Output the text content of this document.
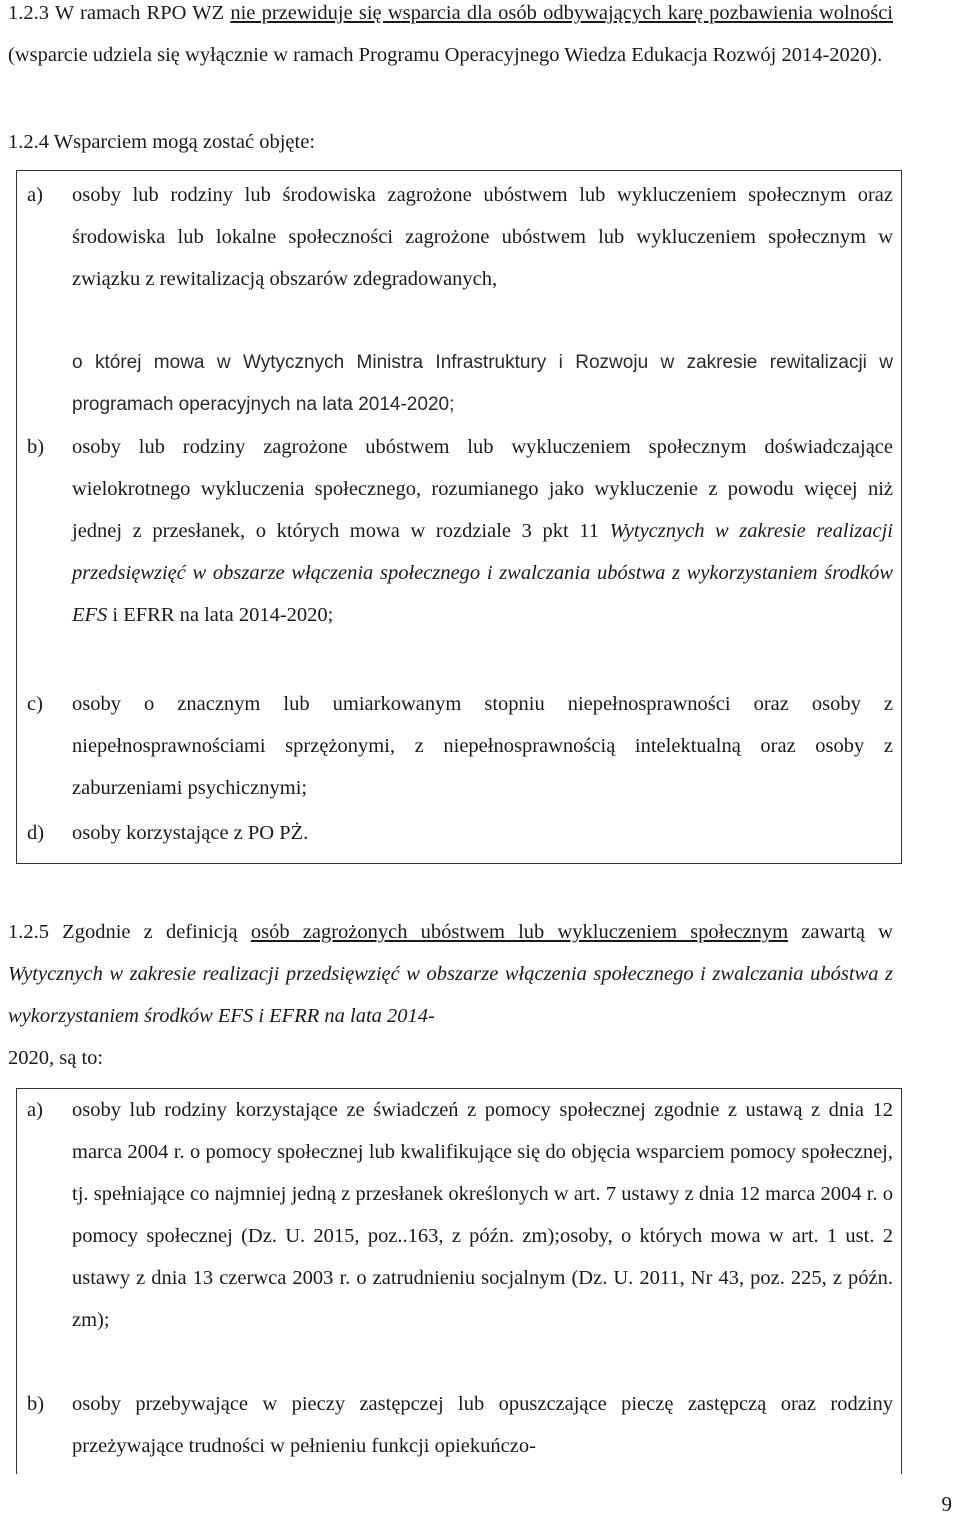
1.2.3 W ramach RPO WZ nie przewiduje się wsparcia dla osób odbywających karę pozbawienia wolności (wsparcie udziela się wyłącznie w ramach Programu Operacyjnego Wiedza Edukacja Rozwój 2014-2020).
1.2.4 Wsparciem mogą zostać objęte:
a) osoby lub rodziny lub środowiska zagrożone ubóstwem lub wykluczeniem społecznym oraz środowiska lub lokalne społeczności zagrożone ubóstwem lub wykluczeniem społecznym w związku z rewitalizacją obszarów zdegradowanych,
o której mowa w Wytycznych Ministra Infrastruktury i Rozwoju w zakresie rewitalizacji w programach operacyjnych na lata 2014-2020;
b) osoby lub rodziny zagrożone ubóstwem lub wykluczeniem społecznym doświadczające wielokrotnego wykluczenia społecznego, rozumianego jako wykluczenie z powodu więcej niż jednej z przesłanek, o których mowa w rozdziale 3 pkt 11 Wytycznych w zakresie realizacji przedsięwzięć w obszarze włączenia społecznego i zwalczania ubóstwa z wykorzystaniem środków EFS i EFRR na lata 2014-2020;
c) osoby o znacznym lub umiarkowanym stopniu niepełnosprawności oraz osoby z niepełnosprawnościami sprzężonymi, z niepełnosprawnością intelektualną oraz osoby z zaburzeniami psychicznymi;
d) osoby korzystające z PO PŻ.
1.2.5 Zgodnie z definicją osób zagrożonych ubóstwem lub wykluczeniem społecznym zawartą w Wytycznych w zakresie realizacji przedsięwzięć w obszarze włączenia społecznego i zwalczania ubóstwa z wykorzystaniem środków EFS i EFRR na lata 2014-
2020, są to:
a) osoby lub rodziny korzystające ze świadczeń z pomocy społecznej zgodnie z ustawą z dnia 12 marca 2004 r. o pomocy społecznej lub kwalifikujące się do objęcia wsparciem pomocy społecznej, tj. spełniające co najmniej jedną z przesłanek określonych w art. 7 ustawy z dnia 12 marca 2004 r. o pomocy społecznej (Dz. U. 2015, poz..163, z późn. zm);osoby, o których mowa w art. 1 ust. 2 ustawy z dnia 13 czerwca 2003 r. o zatrudnieniu socjalnym (Dz. U. 2011, Nr 43, poz. 225, z późn. zm);
b) osoby przebywające w pieczy zastępczej lub opuszczające pieczę zastępczą oraz rodziny przeżywające trudności w pełnieniu funkcji opiekuńczo-
9
